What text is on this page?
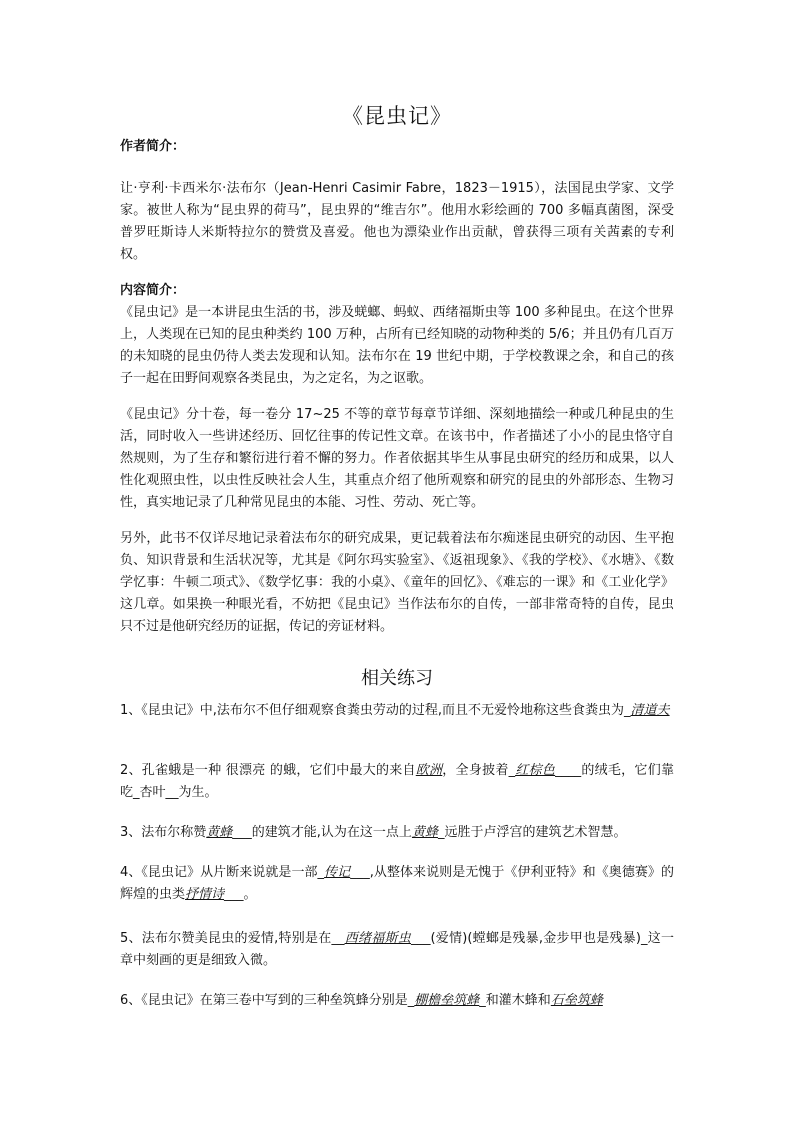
《昆虫记》
作者简介：
让·亨利·卡西米尔·法布尔（Jean-Henri Casimir Fabre，1823－1915），法国昆虫学家、文学家。被世人称为“昆虫界的荷马”，昆虫界的“维吉尔”。他用水彩绘画的 700 多幅真菌图，深受普罗旺斯诗人米斯特拉尔的赞赏及喜爱。他也为漂染业作出贡献，曾获得三项有关茜素的专利权。
内容简介：
《昆虫记》是一本讲昆虫生活的书，涉及蜣螂、蚂蚁、西绪福斯虫等 100 多种昆虫。在这个世界上，人类现在已知的昆虫种类约 100 万种，占所有已经知晓的动物种类的 5/6；并且仍有几百万的未知晓的昆虫仍待人类去发现和认知。法布尔在 19 世纪中期，于学校教课之余，和自己的孩子一起在田野间观察各类昆虫，为之定名，为之讴歌。
《昆虫记》分十卷，每一卷分 17~25 不等的章节每章节详细、深刻地描绘一种或几种昆虫的生活，同时收入一些讲述经历、回忆往事的传记性文章。在该书中，作者描述了小小的昆虫恪守自然规则，为了生存和繁衍进行着不懈的努力。作者依据其毕生从事昆虫研究的经历和成果，以人性化观照虫性，以虫性反映社会人生，其重点介绍了他所观察和研究的昆虫的外部形态、生物习性，真实地记录了几种常见昆虫的本能、习性、劳动、死亡等。
另外，此书不仅详尽地记录着法布尔的研究成果，更记载着法布尔痴迷昆虫研究的动因、生平抱负、知识背景和生活状况等，尤其是《阿尔玛实验室》、《返祖现象》、《我的学校》、《水塘》、《数学忆事：牛顿二项式》、《数学忆事：我的小桌》、《童年的回忆》、《难忘的一课》和《工业化学》这几章。如果换一种眼光看，不妨把《昆虫记》当作法布尔的自传，一部非常奇特的自传，昆虫只不过是他研究经历的证据，传记的旁证材料。
相关练习
1、《昆虫记》中,法布尔不但仔细观察食粪虫劳动的过程,而且不无爱怜地称这些食粪虫为_清道夫
2、孔雀蛾是一种 很漂亮 的蛾，它们中最大的来自欧洲，全身披着_红棕色____的绒毛，它们靠吃_杏叶__为生。
3、法布尔称赞黄蜂___的建筑才能,认为在这一点上黄蜂_远胜于卢浮宫的建筑艺术智慧。
4、《昆虫记》从片断来说就是一部_传记___,从整体来说则是无愧于《伊利亚特》和《奥德赛》的辉煌的虫类抒情诗___。
5、法布尔赞美昆虫的爱情,特别是在__西绪福斯虫___(爱情)(螳螂是残暴,金步甲也是残暴)_这一章中刻画的更是细致入微。
6、《昆虫记》在第三卷中写到的三种垒筑蜂分别是_棚檐垒筑蜂_和灌木蜂和石垒筑蜂
